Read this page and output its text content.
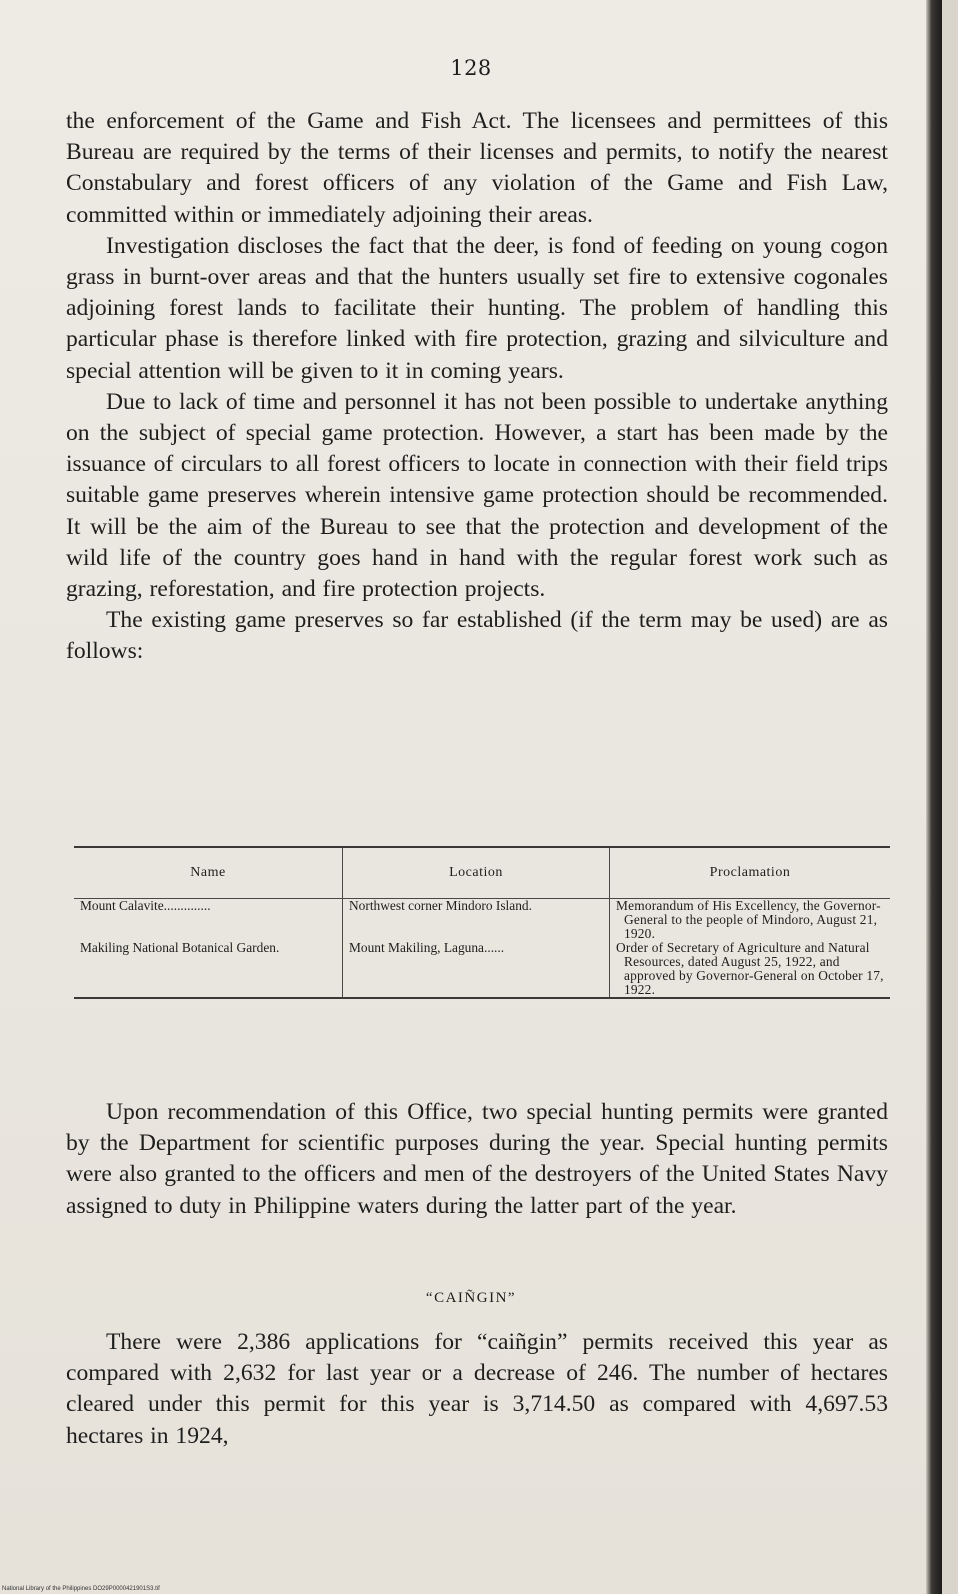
128

the enforcement of the Game and Fish Act. The licensees and permittees of this Bureau are required by the terms of their licenses and permits, to notify the nearest Constabulary and forest officers of any violation of the Game and Fish Law, committed within or immediately adjoining their areas.

Investigation discloses the fact that the deer, is fond of feeding on young cogon grass in burnt-over areas and that the hunters usually set fire to extensive cogonales adjoining forest lands to facilitate their hunting. The problem of handling this particular phase is therefore linked with fire protection, grazing and silviculture and special attention will be given to it in coming years.

Due to lack of time and personnel it has not been possible to undertake anything on the subject of special game protection. However, a start has been made by the issuance of circulars to all forest officers to locate in connection with their field trips suitable game preserves wherein intensive game protection should be recommended. It will be the aim of the Bureau to see that the protection and development of the wild life of the country goes hand in hand with the regular forest work such as grazing, reforestation, and fire protection projects.

The existing game preserves so far established (if the term may be used) are as follows:

Name	Location	Proclamation
Mount Calavite..............	Northwest corner Mindoro Island.	Memorandum of His Excellency, the Governor-General to the people of Mindoro, August 21, 1920.
Makiling National Botanical Garden.	Mount Makiling, Laguna......	Order of Secretary of Agriculture and Natural Resources, dated August 25, 1922, and approved by Governor-General on October 17, 1922.

Upon recommendation of this Office, two special hunting permits were granted by the Department for scientific purposes during the year. Special hunting permits were also granted to the officers and men of the destroyers of the United States Navy assigned to duty in Philippine waters during the latter part of the year.

“CAIÑGIN”

There were 2,386 applications for “caiñgin” permits received this year as compared with 2,632 for last year or a decrease of 246. The number of hectares cleared under this permit for this year is 3,714.50 as compared with 4,697.53 hectares in 1924,

National Library of the Philippines DO29P0000421901S3.tif
